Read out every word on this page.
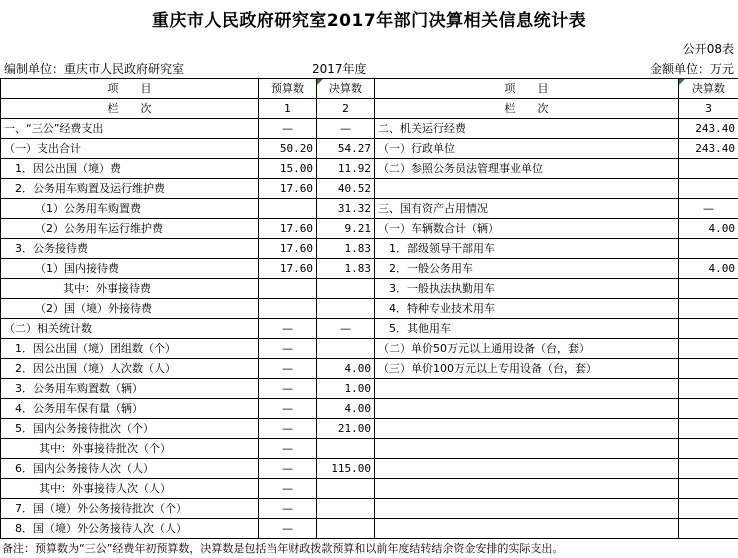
重庆市人民政府研究室2017年部门决算相关信息统计表
公开08表
编制单位：重庆市人民政府研究室	2017年度	金额单位：万元
项　　目	预算数	决算数	项　　目	决算数
栏　　次	1	2	栏　　次	3
一、“三公”经费支出	—	—	二、机关运行经费	243.40
（一）支出合计	50.20	54.27	（一）行政单位	243.40
1．因公出国（境）费	15.00	11.92	（二）参照公务员法管理事业单位	
2．公务用车购置及运行维护费	17.60	40.52		
（1）公务用车购置费		31.32	三、国有资产占用情况	—
（2）公务用车运行维护费	17.60	9.21	（一）车辆数合计（辆）	4.00
3．公务接待费	17.60	1.83	1．部级领导干部用车	
（1）国内接待费	17.60	1.83	2．一般公务用车	4.00
其中：外事接待费			3．一般执法执勤用车	
（2）国（境）外接待费			4．特种专业技术用车	
（二）相关统计数	—	—	5．其他用车	
1．因公出国（境）团组数（个）	—		（二）单价50万元以上通用设备（台，套）	
2．因公出国（境）人次数（人）	—	4.00	（三）单价100万元以上专用设备（台，套）	
3．公务用车购置数（辆）	—	1.00		
4．公务用车保有量（辆）	—	4.00		
5．国内公务接待批次（个）	—	21.00		
其中：外事接待批次（个）	—			
6．国内公务接待人次（人）	—	115.00		
其中：外事接待人次（人）	—			
7．国（境）外公务接待批次（个）	—			
8．国（境）外公务接待人次（人）	—			
备注：预算数为“三公”经费年初预算数，决算数是包括当年财政拨款预算和以前年度结转结余资金安排的实际支出。
